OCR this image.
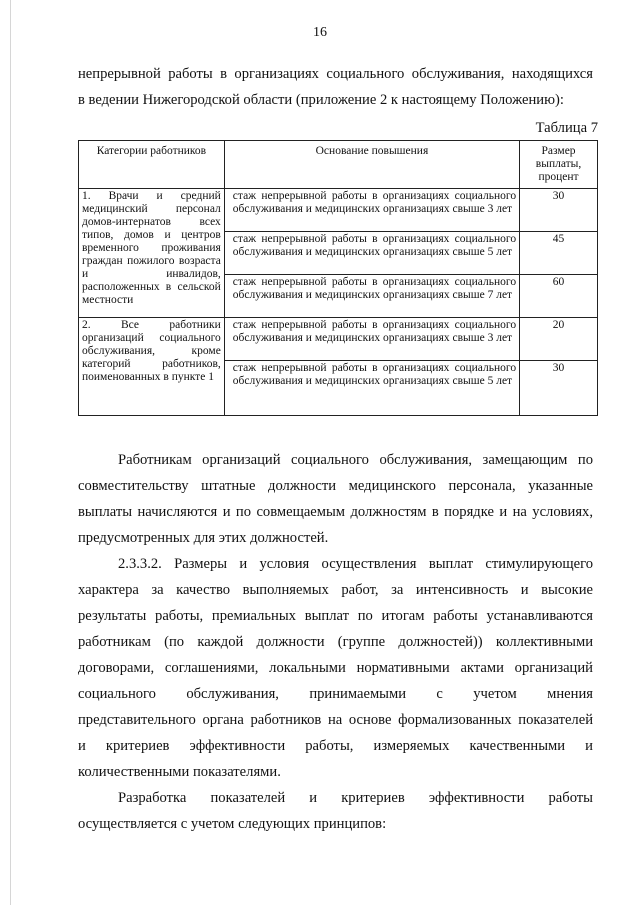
16
непрерывной работы в организациях социального обслуживания, находящихся
в ведении Нижегородской области (приложение 2 к настоящему Положению):
Таблица 7
Категории работников	Основание повышения	Размер выплаты, процент
1. Врачи и средний медицинский персонал домов-интернатов всех типов, домов и центров временного проживания граждан пожилого возраста и инвалидов, расположенных в сельской местности	стаж непрерывной работы в организациях социального обслуживания и медицинских организациях свыше 3 лет	30
	стаж непрерывной работы в организациях социального обслуживания и медицинских организациях свыше 5 лет	45
	стаж непрерывной работы в организациях социального обслуживания и медицинских организациях свыше 7 лет	60
2. Все работники организаций социального обслуживания, кроме категорий работников, поименованных в пункте 1	стаж непрерывной работы в организациях социального обслуживания и медицинских организациях свыше 3 лет	20
	стаж непрерывной работы в организациях социального обслуживания и медицинских организациях свыше 5 лет	30
Работникам организаций социального обслуживания, замещающим по
совместительству штатные должности медицинского персонала, указанные
выплаты начисляются и по совмещаемым должностям в порядке и на условиях,
предусмотренных для этих должностей.
2.3.3.2. Размеры и условия осуществления выплат стимулирующего
характера за качество выполняемых работ, за интенсивность и высокие
результаты работы, премиальных выплат по итогам работы устанавливаются
работникам (по каждой должности (группе должностей)) коллективными
договорами, соглашениями, локальными нормативными актами организаций
социального обслуживания, принимаемыми с учетом мнения
представительного органа работников на основе формализованных показателей
и критериев эффективности работы, измеряемых качественными и
количественными показателями.
Разработка показателей и критериев эффективности работы
осуществляется с учетом следующих принципов:
